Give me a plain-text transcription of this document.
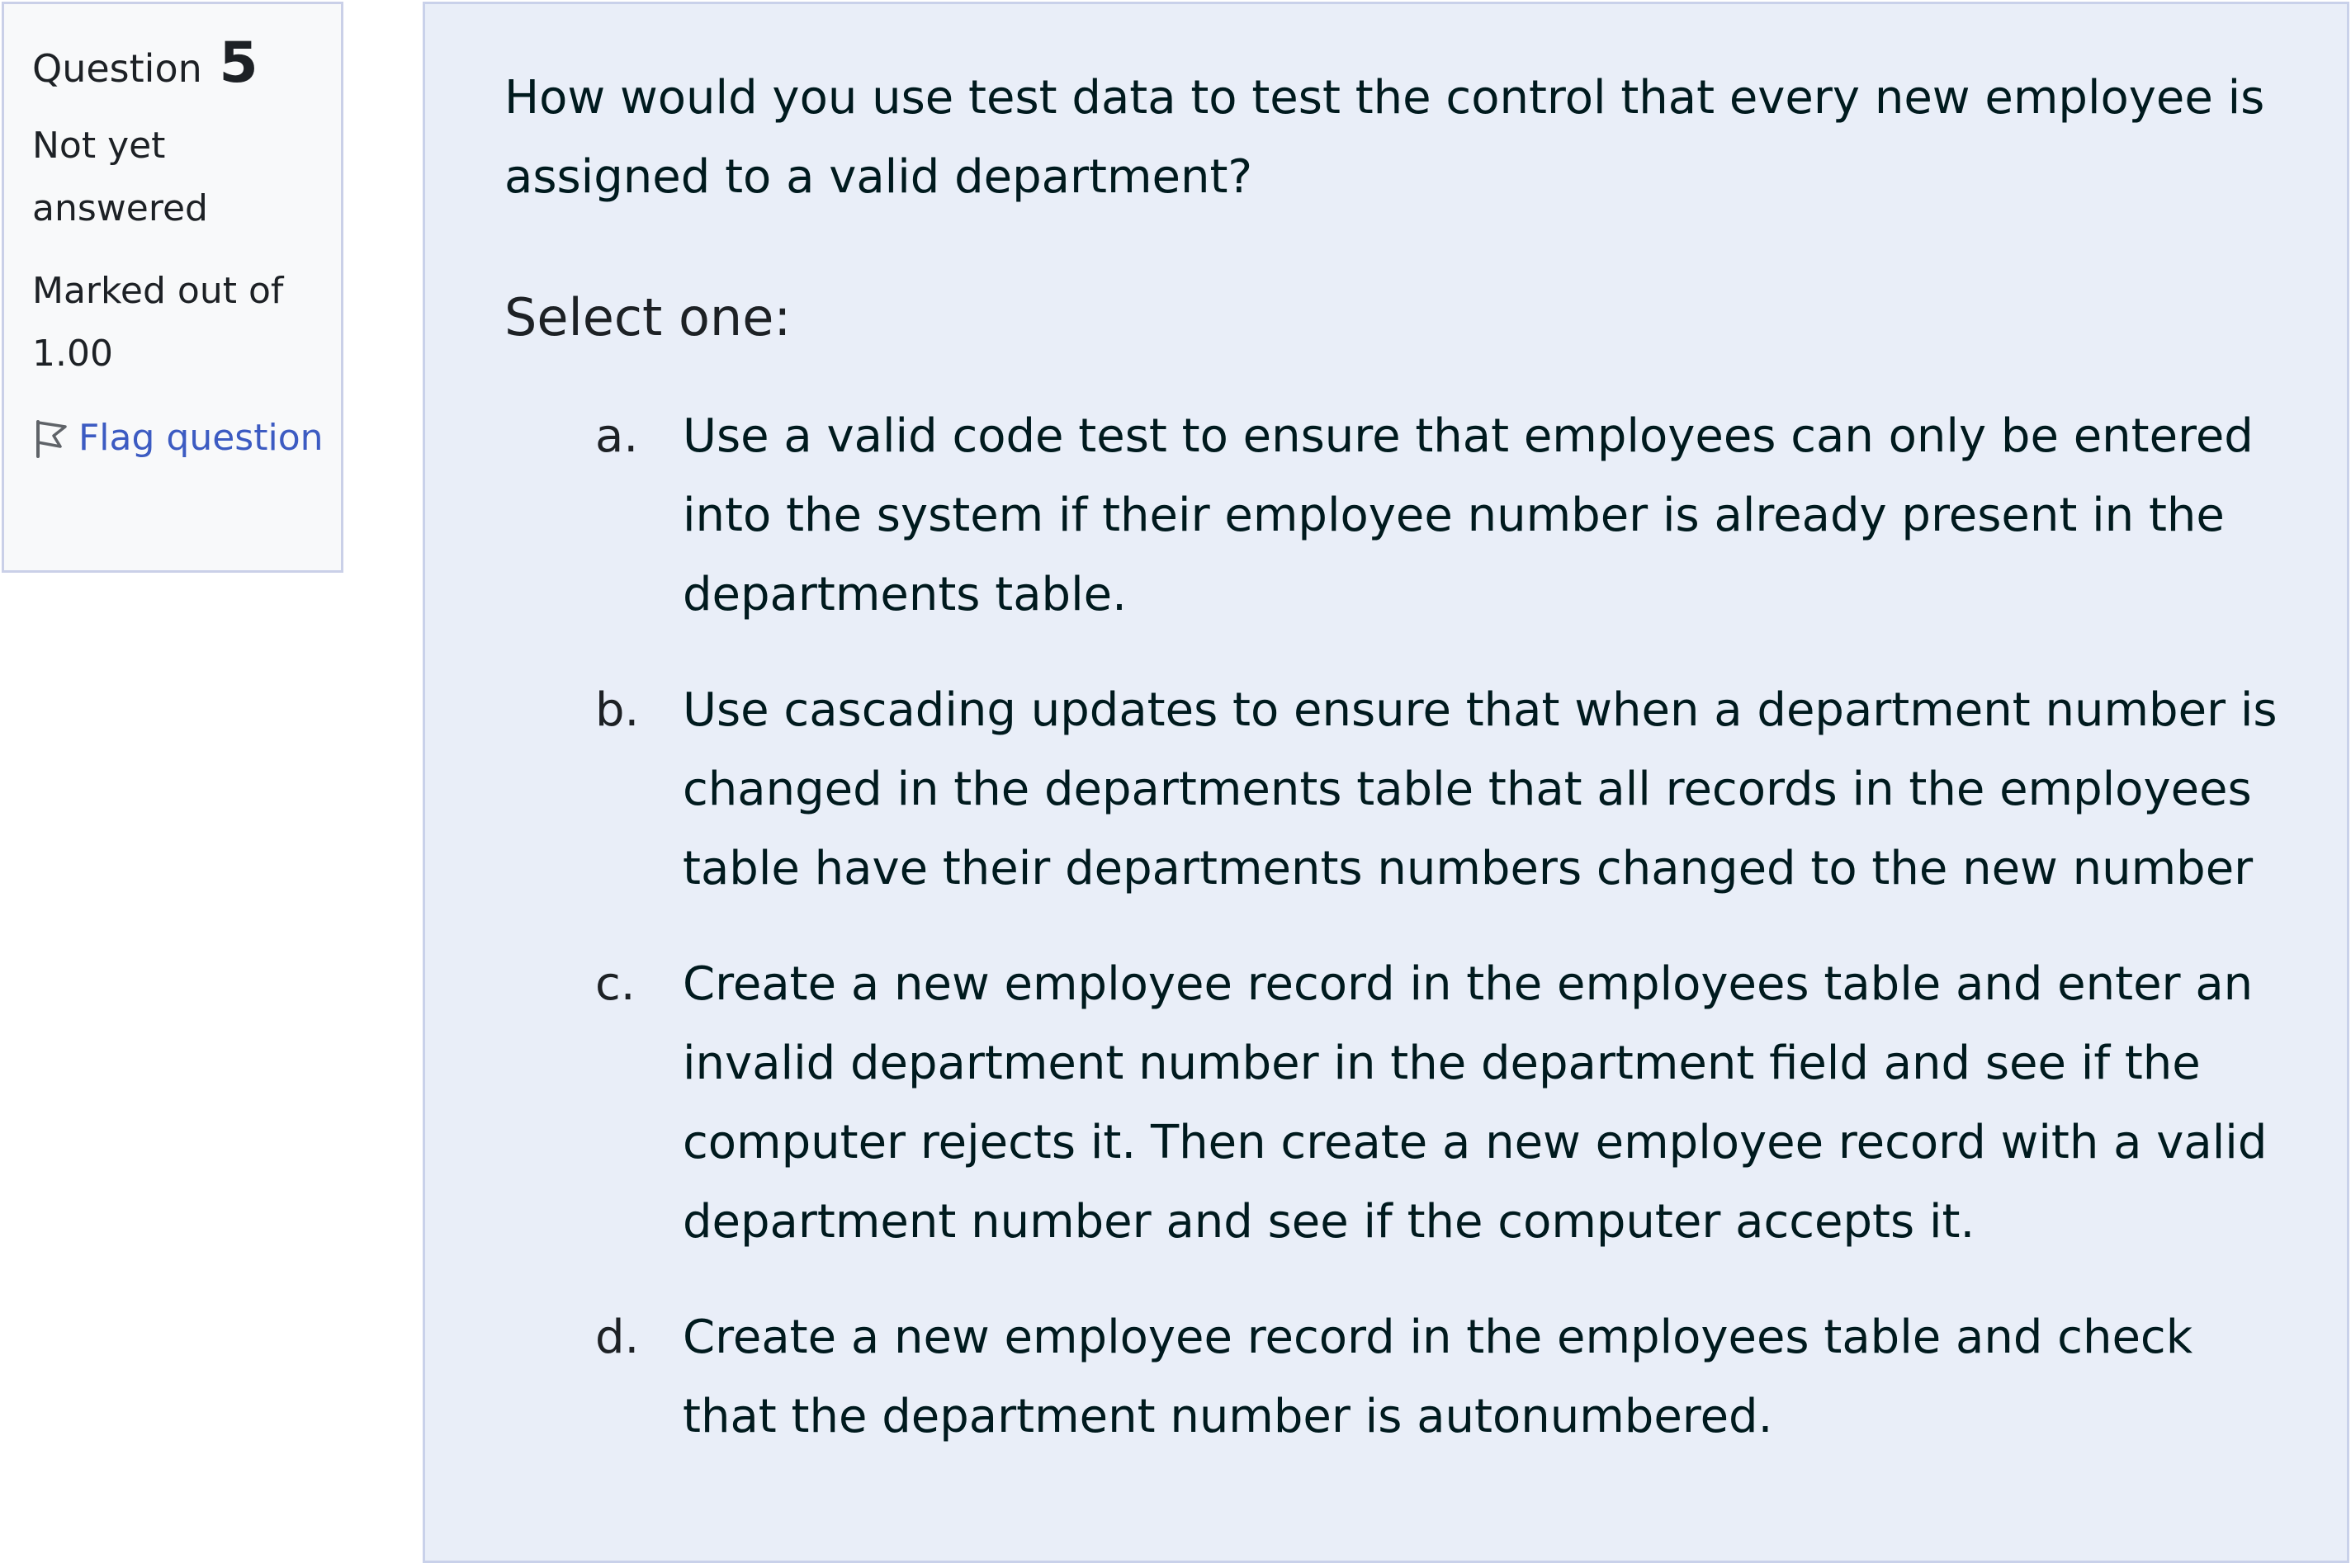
Question 5
Not yet answered
Marked out of 1.00
Flag question

How would you use test data to test the control that every new employee is assigned to a valid department?

Select one:
a. Use a valid code test to ensure that employees can only be entered into the system if their employee number is already present in the departments table.
b. Use cascading updates to ensure that when a department number is changed in the departments table that all records in the employees table have their departments numbers changed to the new number
c.	Create a new employee record in the employees table and enter an invalid department number in the department field and see if the computer rejects it. Then create a new employee record with a valid department number and see if the computer accepts it.
d. Create a new employee record in the employees table and check that the department number is autonumbered.
